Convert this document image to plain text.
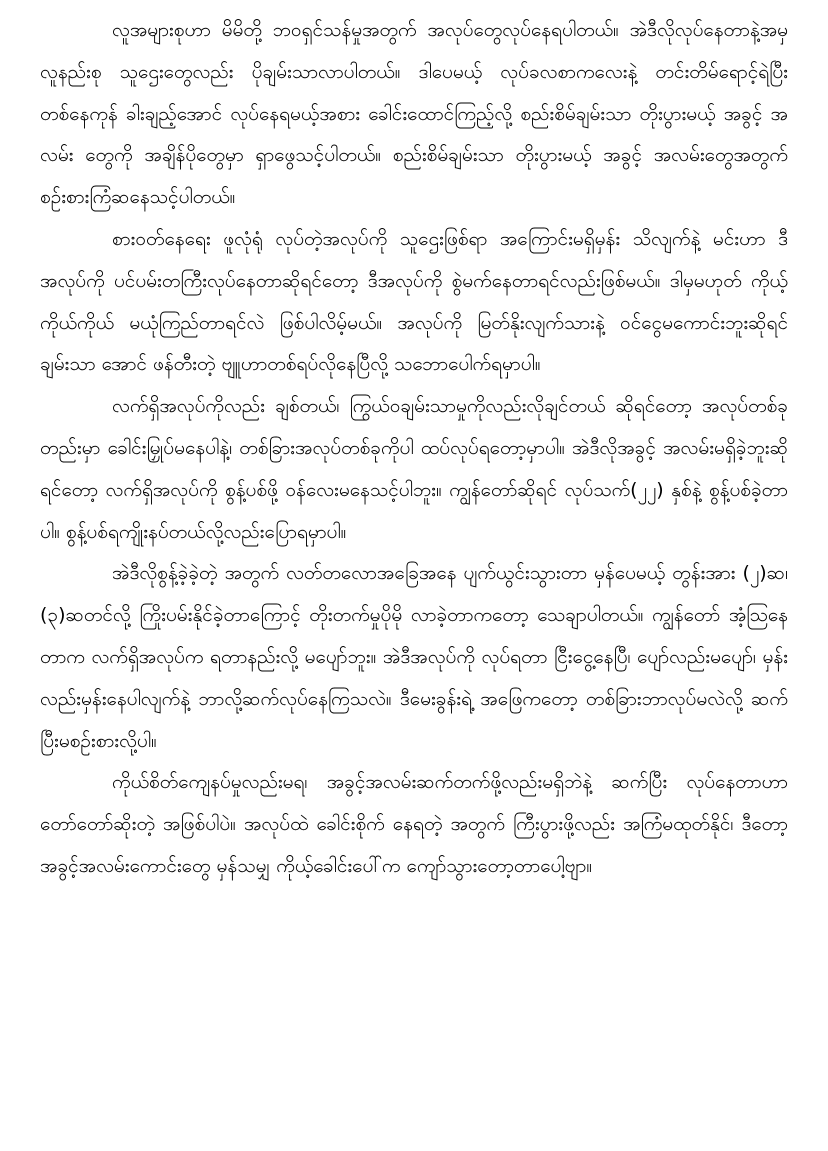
လူအများစုဟာ မိမိတို့ ဘဝရှင်သန်မှုအတွက် အလုပ်တွေလုပ်နေရပါတယ်။ အဲဒီလိုလုပ်နေတာနဲ့အမှ လူနည်းစု သူဌေးတွေလည်း ပိုချမ်းသာလာပါတယ်။ ဒါပေမယ့် လုပ်ခလစာကလေးနဲ့ တင်းတိမ်ရောင့်ရဲပြီး တစ်နေကုန် ခါးချည့်အောင် လုပ်နေရမယ့်အစား ခေါင်းထောင်ကြည့်လို့ စည်းစိမ်ချမ်းသာ တိုးပွားမယ့် အခွင့် အလမ်း တွေကို အချိန်ပိုတွေမှာ ရှာဖွေသင့်ပါတယ်။ စည်းစိမ်ချမ်းသာ တိုးပွားမယ့် အခွင့် အလမ်းတွေအတွက် စဉ်းစားကြံဆနေသင့်ပါတယ်။

စားဝတ်နေရေး ဖူလုံရုံ လုပ်တဲ့အလုပ်ကို သူဌေးဖြစ်ရာ အကြောင်းမရှိမှန်း သိလျက်နဲ့ မင်းဟာ ဒီအလုပ်ကို ပင်ပမ်းတကြီးလုပ်နေတာဆိုရင်တော့ ဒီအလုပ်ကို စွဲမက်နေတာရင်လည်းဖြစ်မယ်။ ဒါမှမဟုတ် ကိုယ့်ကိုယ်ကိုယ် မယုံကြည်တာရင်လဲ ဖြစ်ပါလိမ့်မယ်။ အလုပ်ကို မြတ်နိုးလျက်သားနဲ့ ဝင်ငွေမကောင်းဘူးဆိုရင် ချမ်းသာ အောင် ဖန်တီးတဲ့ ဗျူဟာတစ်ရပ်လိုနေပြီလို့ သဘောပေါက်ရမှာပါ။

လက်ရှိအလုပ်ကိုလည်း ချစ်တယ်၊ ကြွယ်ဝချမ်းသာမှုကိုလည်းလိုချင်တယ် ဆိုရင်တော့ အလုပ်တစ်ခုတည်းမှာ ခေါင်းမြှုပ်မနေပါနဲ့၊ တစ်ခြားအလုပ်တစ်ခုကိုပါ ထပ်လုပ်ရတော့မှာပါ။ အဲဒီလိုအခွင့် အလမ်းမရှိခဲ့ဘူးဆိုရင်တော့ လက်ရှိအလုပ်ကို စွန့်ပစ်ဖို့ ဝန်လေးမနေသင့်ပါဘူး။ ကျွန်တော်ဆိုရင် လုပ်သက်(၂၂) နှစ်နဲ့ စွန့်ပစ်ခဲ့တာ ပါ။ စွန့်ပစ်ရကျိုးနပ်တယ်လို့လည်းပြောရမှာပါ။

အဲဒီလိုစွန့်ခဲ့ခဲ့တဲ့ အတွက် လတ်တလောအခြေအနေ ပျက်ယွင်းသွားတာ မှန်ပေမယ့် တွန်းအား (၂)ဆ၊ (၃)ဆတင်လို့ ကြိုးပမ်းနိုင်ခဲ့တာကြောင့် တိုးတက်မှုပိုမို လာခဲ့တာကတော့ သေချာပါတယ်။ ကျွန်တော် အံ့ဩနေတာက လက်ရှိအလုပ်က ရတာနည်းလို့ မပျော်ဘူး။ အဲဒီအလုပ်ကို လုပ်ရတာ ငြီးငွေ့နေပြီ၊ ပျော်လည်းမပျော်၊ မှန်းလည်းမှန်းနေပါလျက်နဲ့ ဘာလို့ဆက်လုပ်နေကြသလဲ။ ဒီမေးခွန်းရဲ့ အဖြေကတော့ တစ်ခြားဘာလုပ်မလဲလို့ ဆက်ပြီးမစဉ်းစားလို့ပါ။

ကိုယ်စိတ်ကျေနပ်မှုလည်းမရ၊ အခွင့်အလမ်းဆက်တက်ဖို့လည်းမရှိဘဲနဲ့ ဆက်ပြီး လုပ်နေတာဟာ တော်တော်ဆိုးတဲ့ အဖြစ်ပါပဲ။ အလုပ်ထဲ ခေါင်းစိုက် နေရတဲ့ အတွက် ကြီးပွားဖို့လည်း အကြံမထုတ်နိုင်၊ ဒီတော့ အခွင့်အလမ်းကောင်းတွေ မှန်သမျှ ကိုယ့်ခေါင်းပေါ်က ကျော်သွားတော့တာပေါ့ဗျာ။
